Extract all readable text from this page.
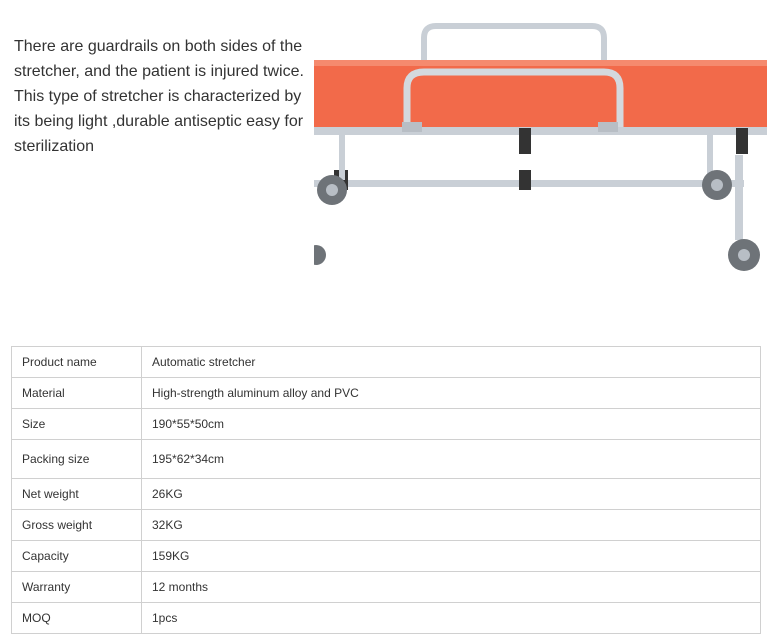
There are guardrails on both sides of the stretcher, and the patient is injured twice.

This type of stretcher is characterized by its being light ,durable antiseptic easy for sterilization

Product name	Automatic stretcher
Material	High-strength aluminum alloy and PVC
Size	190*55*50cm
Packing size	195*62*34cm
Net weight	26KG
Gross weight	32KG
Capacity	159KG
Warranty	12 months
MOQ	1pcs
